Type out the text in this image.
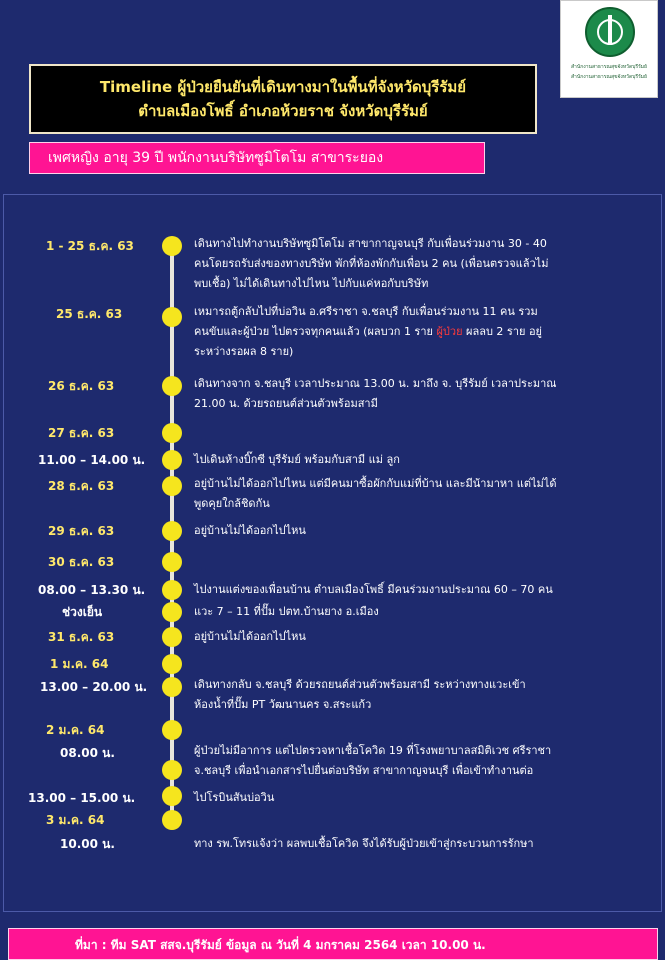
สำนักงานสาธารณสุขจังหวัดบุรีรัมย์
สำนักงานสาธารณสุขจังหวัดบุรีรัมย์
Timeline ผู้ป่วยยืนยันที่เดินทางมาในพื้นที่จังหวัดบุรีรัมย์
ตำบลเมืองโพธิ์ อำเภอห้วยราช จังหวัดบุรีรัมย์
เพศหญิง อายุ 39 ปี พนักงานบริษัทซูมิโตโม สาขาระยอง
1 - 25 ธ.ค. 63	เดินทางไปทำงานบริษัทซูมิโตโม สาขากาญจนบุรี กับเพื่อนร่วมงาน 30 - 40
คนโดยรถรับส่งของทางบริษัท พักที่ห้องพักกับเพื่อน 2 คน (เพื่อนตรวจแล้วไม่
พบเชื้อ) ไม่ได้เดินทางไปไหน ไปกับแค่หอกับบริษัท
25 ธ.ค. 63	เหมารถตู้กลับไปที่บ่อวิน อ.ศรีราชา จ.ชลบุรี กับเพื่อนร่วมงาน 11 คน รวม
คนขับและผู้ป่วย ไปตรวจทุกคนแล้ว (ผลบวก 1 ราย ผู้ป่วย ผลลบ 2 ราย อยู่
ระหว่างรอผล 8 ราย)
26 ธ.ค. 63	เดินทางจาก จ.ชลบุรี เวลาประมาณ 13.00 น. มาถึง จ. บุรีรัมย์ เวลาประมาณ
21.00 น. ด้วยรถยนต์ส่วนตัวพร้อมสามี
27 ธ.ค. 63
11.00 – 14.00 น.	ไปเดินห้างบิ๊กซี บุรีรัมย์ พร้อมกับสามี แม่ ลูก
28 ธ.ค. 63	อยู่บ้านไม่ได้ออกไปไหน แต่มีคนมาซื้อผักกับแม่ที่บ้าน และมีน้ามาหา แต่ไม่ได้
พูดคุยใกล้ชิดกัน
29 ธ.ค. 63	อยู่บ้านไม่ได้ออกไปไหน
30 ธ.ค. 63
08.00 – 13.30 น.	ไปงานแต่งของเพื่อนบ้าน ตำบลเมืองโพธิ์ มีคนร่วมงานประมาณ 60 – 70 คน
ช่วงเย็น	แวะ 7 – 11 ที่ปั๊ม ปตท.บ้านยาง อ.เมือง
31 ธ.ค. 63	อยู่บ้านไม่ได้ออกไปไหน
1 ม.ค. 64
13.00 – 20.00 น.	เดินทางกลับ จ.ชลบุรี ด้วยรถยนต์ส่วนตัวพร้อมสามี ระหว่างทางแวะเข้า
ห้องน้ำที่ปั๊ม PT วัฒนานคร จ.สระแก้ว
2 ม.ค. 64
08.00 น.	ผู้ป่วยไม่มีอาการ แต่ไปตรวจหาเชื้อโควิด 19 ที่โรงพยาบาลสมิติเวช ศรีราชา
จ.ชลบุรี เพื่อนำเอกสารไปยื่นต่อบริษัท สาขากาญจนบุรี เพื่อเข้าทำงานต่อ
13.00 – 15.00 น.	ไปโรบินสันบ่อวิน
3 ม.ค. 64
10.00 น.	ทาง รพ.โทรแจ้งว่า ผลพบเชื้อโควิด จึงได้รับผู้ป่วยเข้าสู่กระบวนการรักษา
ที่มา : ทีม SAT สสจ.บุรีรัมย์ ข้อมูล ณ วันที่ 4 มกราคม 2564 เวลา 10.00 น.
